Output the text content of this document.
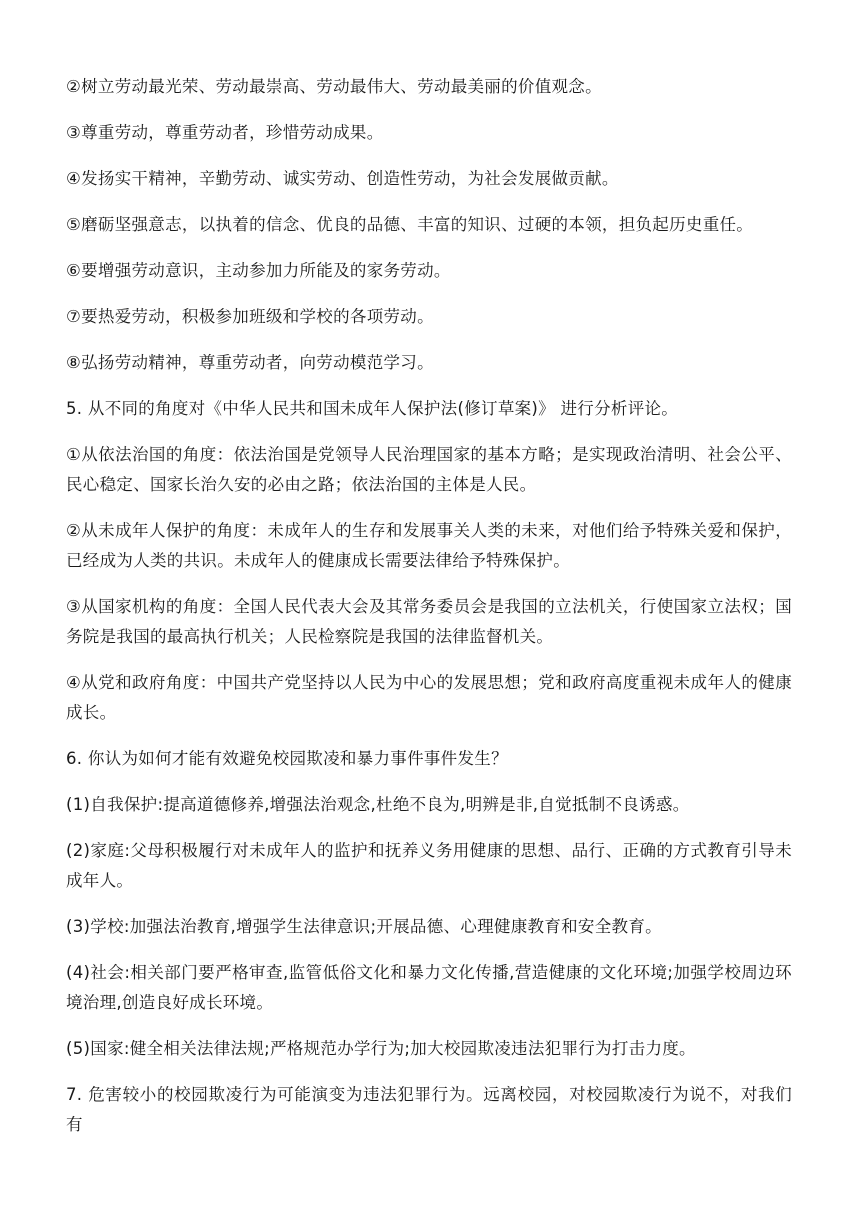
②树立劳动最光荣、劳动最崇高、劳动最伟大、劳动最美丽的价值观念。

③尊重劳动，尊重劳动者，珍惜劳动成果。

④发扬实干精神，辛勤劳动、诚实劳动、创造性劳动，为社会发展做贡献。

⑤磨砺坚强意志，以执着的信念、优良的品德、丰富的知识、过硬的本领，担负起历史重任。

⑥要增强劳动意识，主动参加力所能及的家务劳动。

⑦要热爱劳动，积极参加班级和学校的各项劳动。

⑧弘扬劳动精神，尊重劳动者，向劳动模范学习。

5. 从不同的角度对《中华人民共和国未成年人保护法(修订草案)》 进行分析评论。

①从依法治国的角度：依法治国是党领导人民治理国家的基本方略；是实现政治清明、社会公平、民心稳定、国家长治久安的必由之路；依法治国的主体是人民。

②从未成年人保护的角度：未成年人的生存和发展事关人类的未来，对他们给予特殊关爱和保护，已经成为人类的共识。未成年人的健康成长需要法律给予特殊保护。

③从国家机构的角度：全国人民代表大会及其常务委员会是我国的立法机关，行使国家立法权；国务院是我国的最高执行机关；人民检察院是我国的法律监督机关。

④从党和政府角度：中国共产党坚持以人民为中心的发展思想；党和政府高度重视未成年人的健康成长。

6. 你认为如何才能有效避免校园欺凌和暴力事件事件发生？

(1)自我保护:提高道德修养,增强法治观念,杜绝不良为,明辨是非,自觉抵制不良诱惑。

(2)家庭:父母积极履行对未成年人的监护和抚养义务用健康的思想、品行、正确的方式教育引导未成年人。

(3)学校:加强法治教育,增强学生法律意识;开展品德、心理健康教育和安全教育。

(4)社会:相关部门要严格审查,监管低俗文化和暴力文化传播,营造健康的文化环境;加强学校周边环境治理,创造良好成长环境。

(5)国家:健全相关法律法规;严格规范办学行为;加大校园欺凌违法犯罪行为打击力度。

7. 危害较小的校园欺凌行为可能演变为违法犯罪行为。远离校园，对校园欺凌行为说不，对我们有
